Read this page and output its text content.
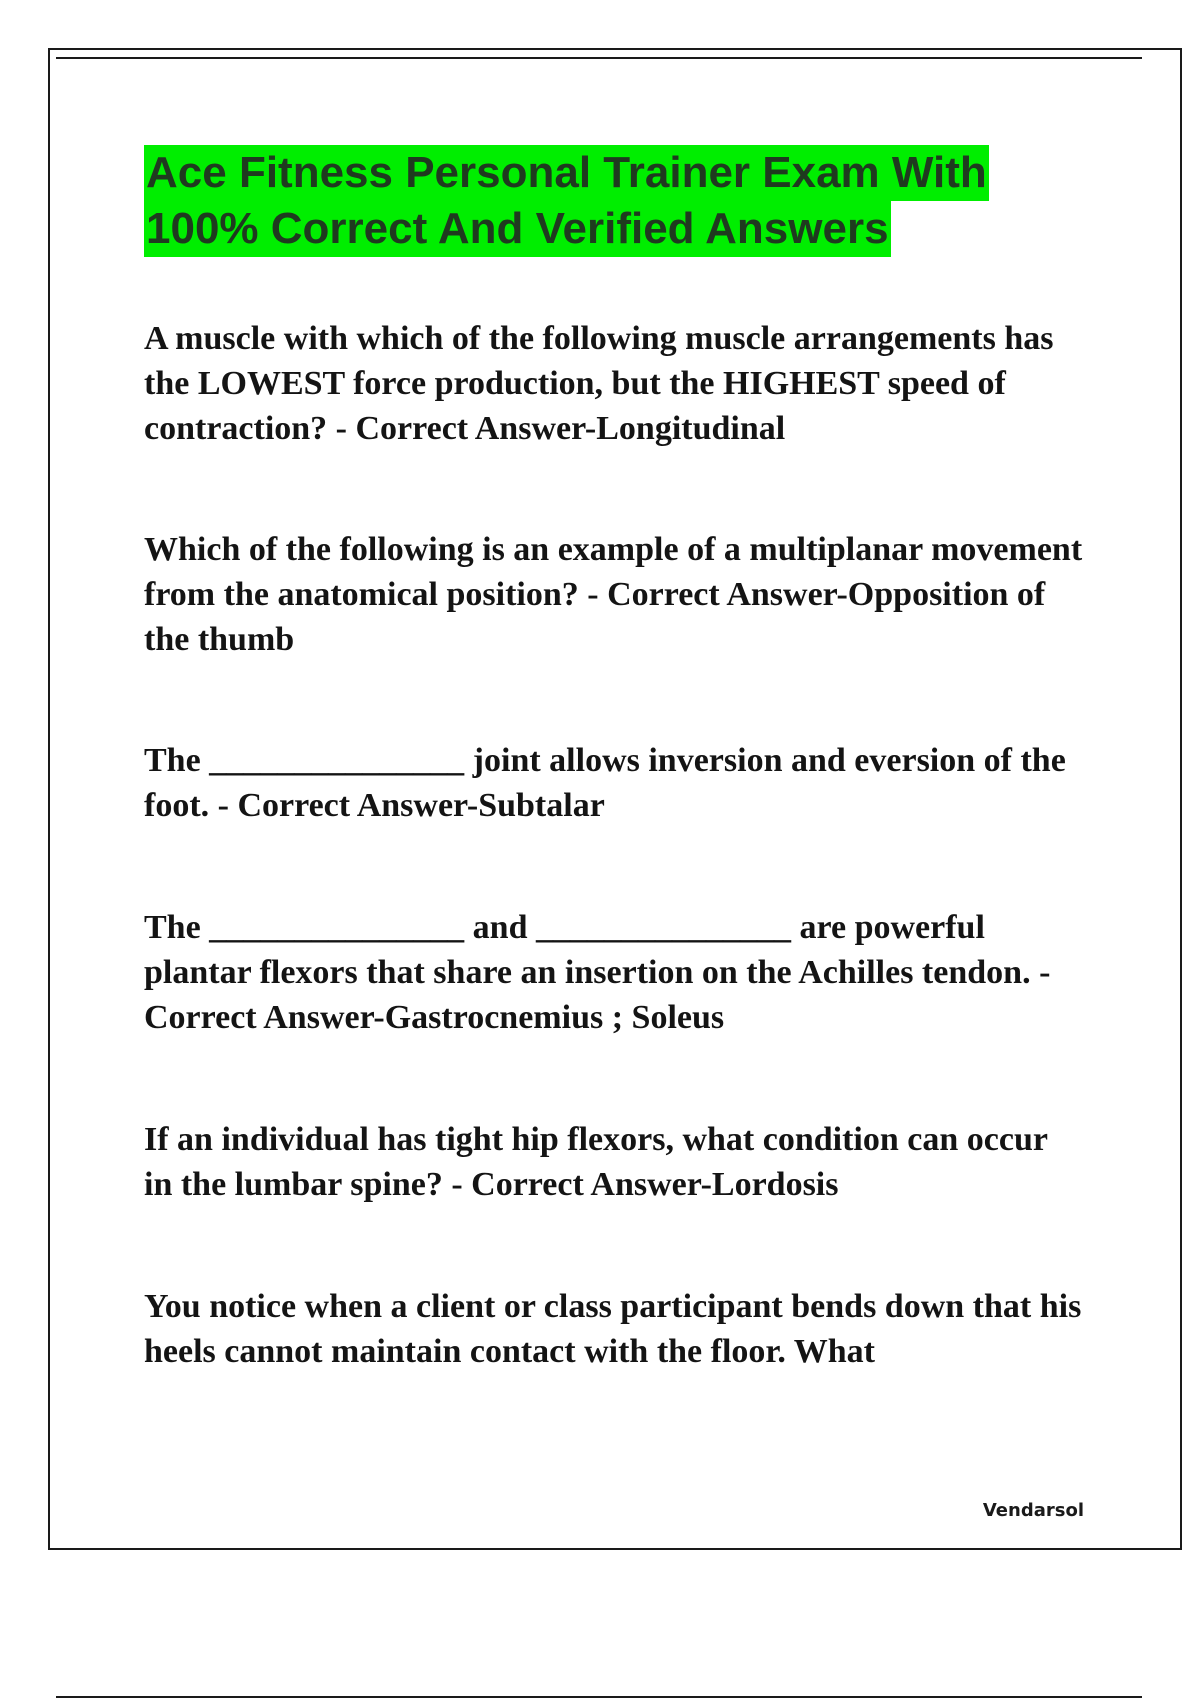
Ace Fitness Personal Trainer Exam With
100% Correct And Verified Answers
A muscle with which of the following muscle arrangements has the LOWEST force production, but the HIGHEST speed of contraction? - Correct Answer-Longitudinal
Which of the following is an example of a multiplanar movement from the anatomical position? - Correct Answer-Opposition of the thumb
The _______________ joint allows inversion and eversion of the foot. - Correct Answer-Subtalar
The _______________ and _______________ are powerful plantar flexors that share an insertion on the Achilles tendon. - Correct Answer-Gastrocnemius ; Soleus
If an individual has tight hip flexors, what condition can occur in the lumbar spine? - Correct Answer-Lordosis
You notice when a client or class participant bends down that his heels cannot maintain contact with the floor. What
Vendarsol
